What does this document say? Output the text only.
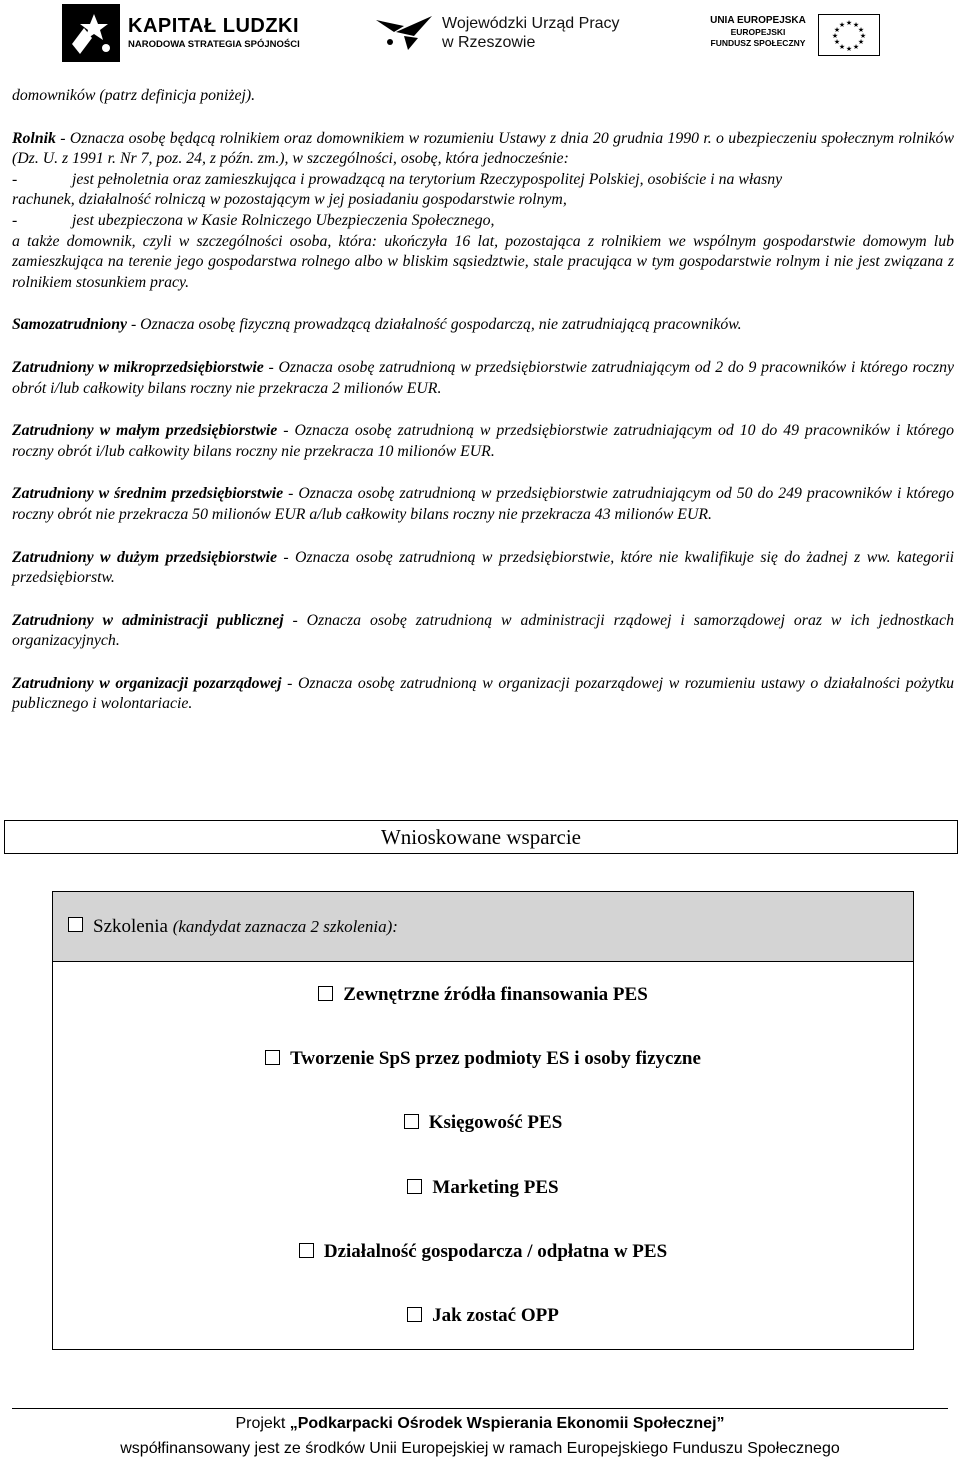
KAPITAŁ LUDZKI
NARODOWA STRATEGIA SPÓJNOŚCI
Wojewódzki Urząd Pracy
w Rzeszowie
UNIA EUROPEJSKA
EUROPEJSKI
FUNDUSZ SPOŁECZNY
★ ★
★
★
★
★
★
★
★
★
★
★

domowników (patrz definicja poniżej).

Rolnik - Oznacza osobę będącą rolnikiem oraz domownikiem w rozumieniu Ustawy z dnia 20 grudnia 1990 r. o ubezpieczeniu społecznym rolników (Dz. U. z 1991 r. Nr 7, poz. 24, z późn. zm.), w szczególności, osobę, która jednocześnie:

-	jest pełnoletnia oraz zamieszkująca i prowadzącą na terytorium Rzeczypospolitej Polskiej, osobiście i na własny

rachunek, działalność rolniczą w pozostającym w jej posiadaniu gospodarstwie rolnym,

-	jest ubezpieczona w Kasie Rolniczego Ubezpieczenia Społecznego,

a także domownik, czyli w szczególności osoba, która: ukończyła 16 lat, pozostająca z rolnikiem we wspólnym gospodarstwie domowym lub zamieszkująca na terenie jego gospodarstwa rolnego albo w bliskim sąsiedztwie, stale pracująca w tym gospodarstwie rolnym i nie jest związana z rolnikiem stosunkiem pracy.

Samozatrudniony - Oznacza osobę fizyczną prowadzącą działalność gospodarczą, nie zatrudniającą pracowników.

Zatrudniony w mikroprzedsiębiorstwie - Oznacza osobę zatrudnioną w przedsiębiorstwie zatrudniającym od 2 do 9 pracowników i którego roczny obrót i/lub całkowity bilans roczny nie przekracza 2 milionów EUR.

Zatrudniony w małym przedsiębiorstwie - Oznacza osobę zatrudnioną w przedsiębiorstwie zatrudniającym od 10 do 49 pracowników i którego roczny obrót i/lub całkowity bilans roczny nie przekracza 10 milionów EUR.

Zatrudniony w średnim przedsiębiorstwie - Oznacza osobę zatrudnioną w przedsiębiorstwie zatrudniającym od 50 do 249 pracowników i którego roczny obrót nie przekracza 50 milionów EUR a/lub całkowity bilans roczny nie przekracza 43 milionów EUR.

Zatrudniony w dużym przedsiębiorstwie - Oznacza osobę zatrudnioną w przedsiębiorstwie, które nie kwalifikuje się do żadnej z ww. kategorii przedsiębiorstw.

Zatrudniony w administracji publicznej - Oznacza osobę zatrudnioną w administracji rządowej i samorządowej oraz w ich jednostkach organizacyjnych.

Zatrudniony w organizacji pozarządowej - Oznacza osobę zatrudnioną w organizacji pozarządowej w rozumieniu ustawy o działalności pożytku publicznego i wolontariacie.

Wnioskowane wsparcie
Szkolenia
(kandydat zaznacza 2 szkolenia):
Zewnętrzne źródła finansowania PES
Tworzenie SpS przez podmioty ES i osoby fizyczne
Księgowość PES
Marketing PES
Działalność gospodarcza / odpłatna w PES
Jak zostać OPP
Projekt „Podkarpacki Ośrodek Wspierania Ekonomii Społecznej”
współfinansowany jest ze środków Unii Europejskiej w ramach Europejskiego Funduszu Społecznego
